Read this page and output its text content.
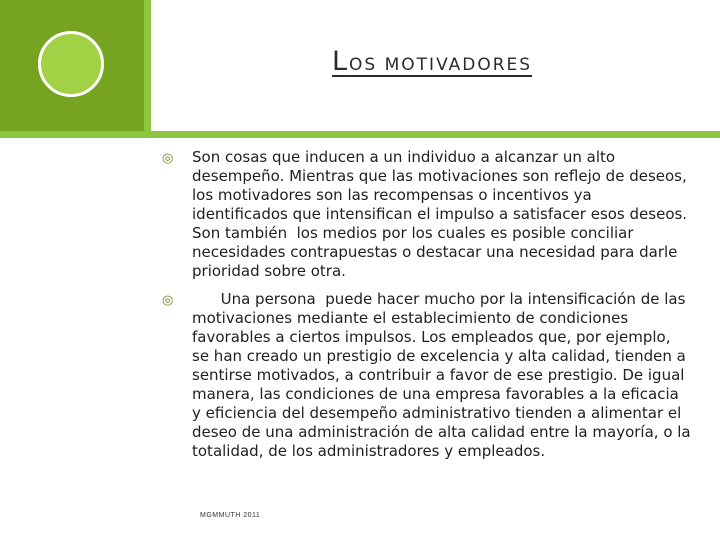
LOS MOTIVADORES
◎ Son cosas que inducen a un individuo a alcanzar un alto desempeño. Mientras que las motivaciones son reflejo de deseos, los motivadores son las recompensas o incentivos ya identificados que intensifican el impulso a satisfacer esos deseos. Son también  los medios por los cuales es posible conciliar necesidades contrapuestas o destacar una necesidad para darle prioridad sobre otra.
◎ Una persona  puede hacer mucho por la intensificación de las motivaciones mediante el establecimiento de condiciones favorables a ciertos impulsos. Los empleados que, por ejemplo, se han creado un prestigio de excelencia y alta calidad, tienden a sentirse motivados, a contribuir a favor de ese prestigio. De igual manera, las condiciones de una empresa favorables a la eficacia y eficiencia del desempeño administrativo tienden a alimentar el deseo de una administración de alta calidad entre la mayoría, o la totalidad, de los administradores y empleados.
MGMMUTH 2011
